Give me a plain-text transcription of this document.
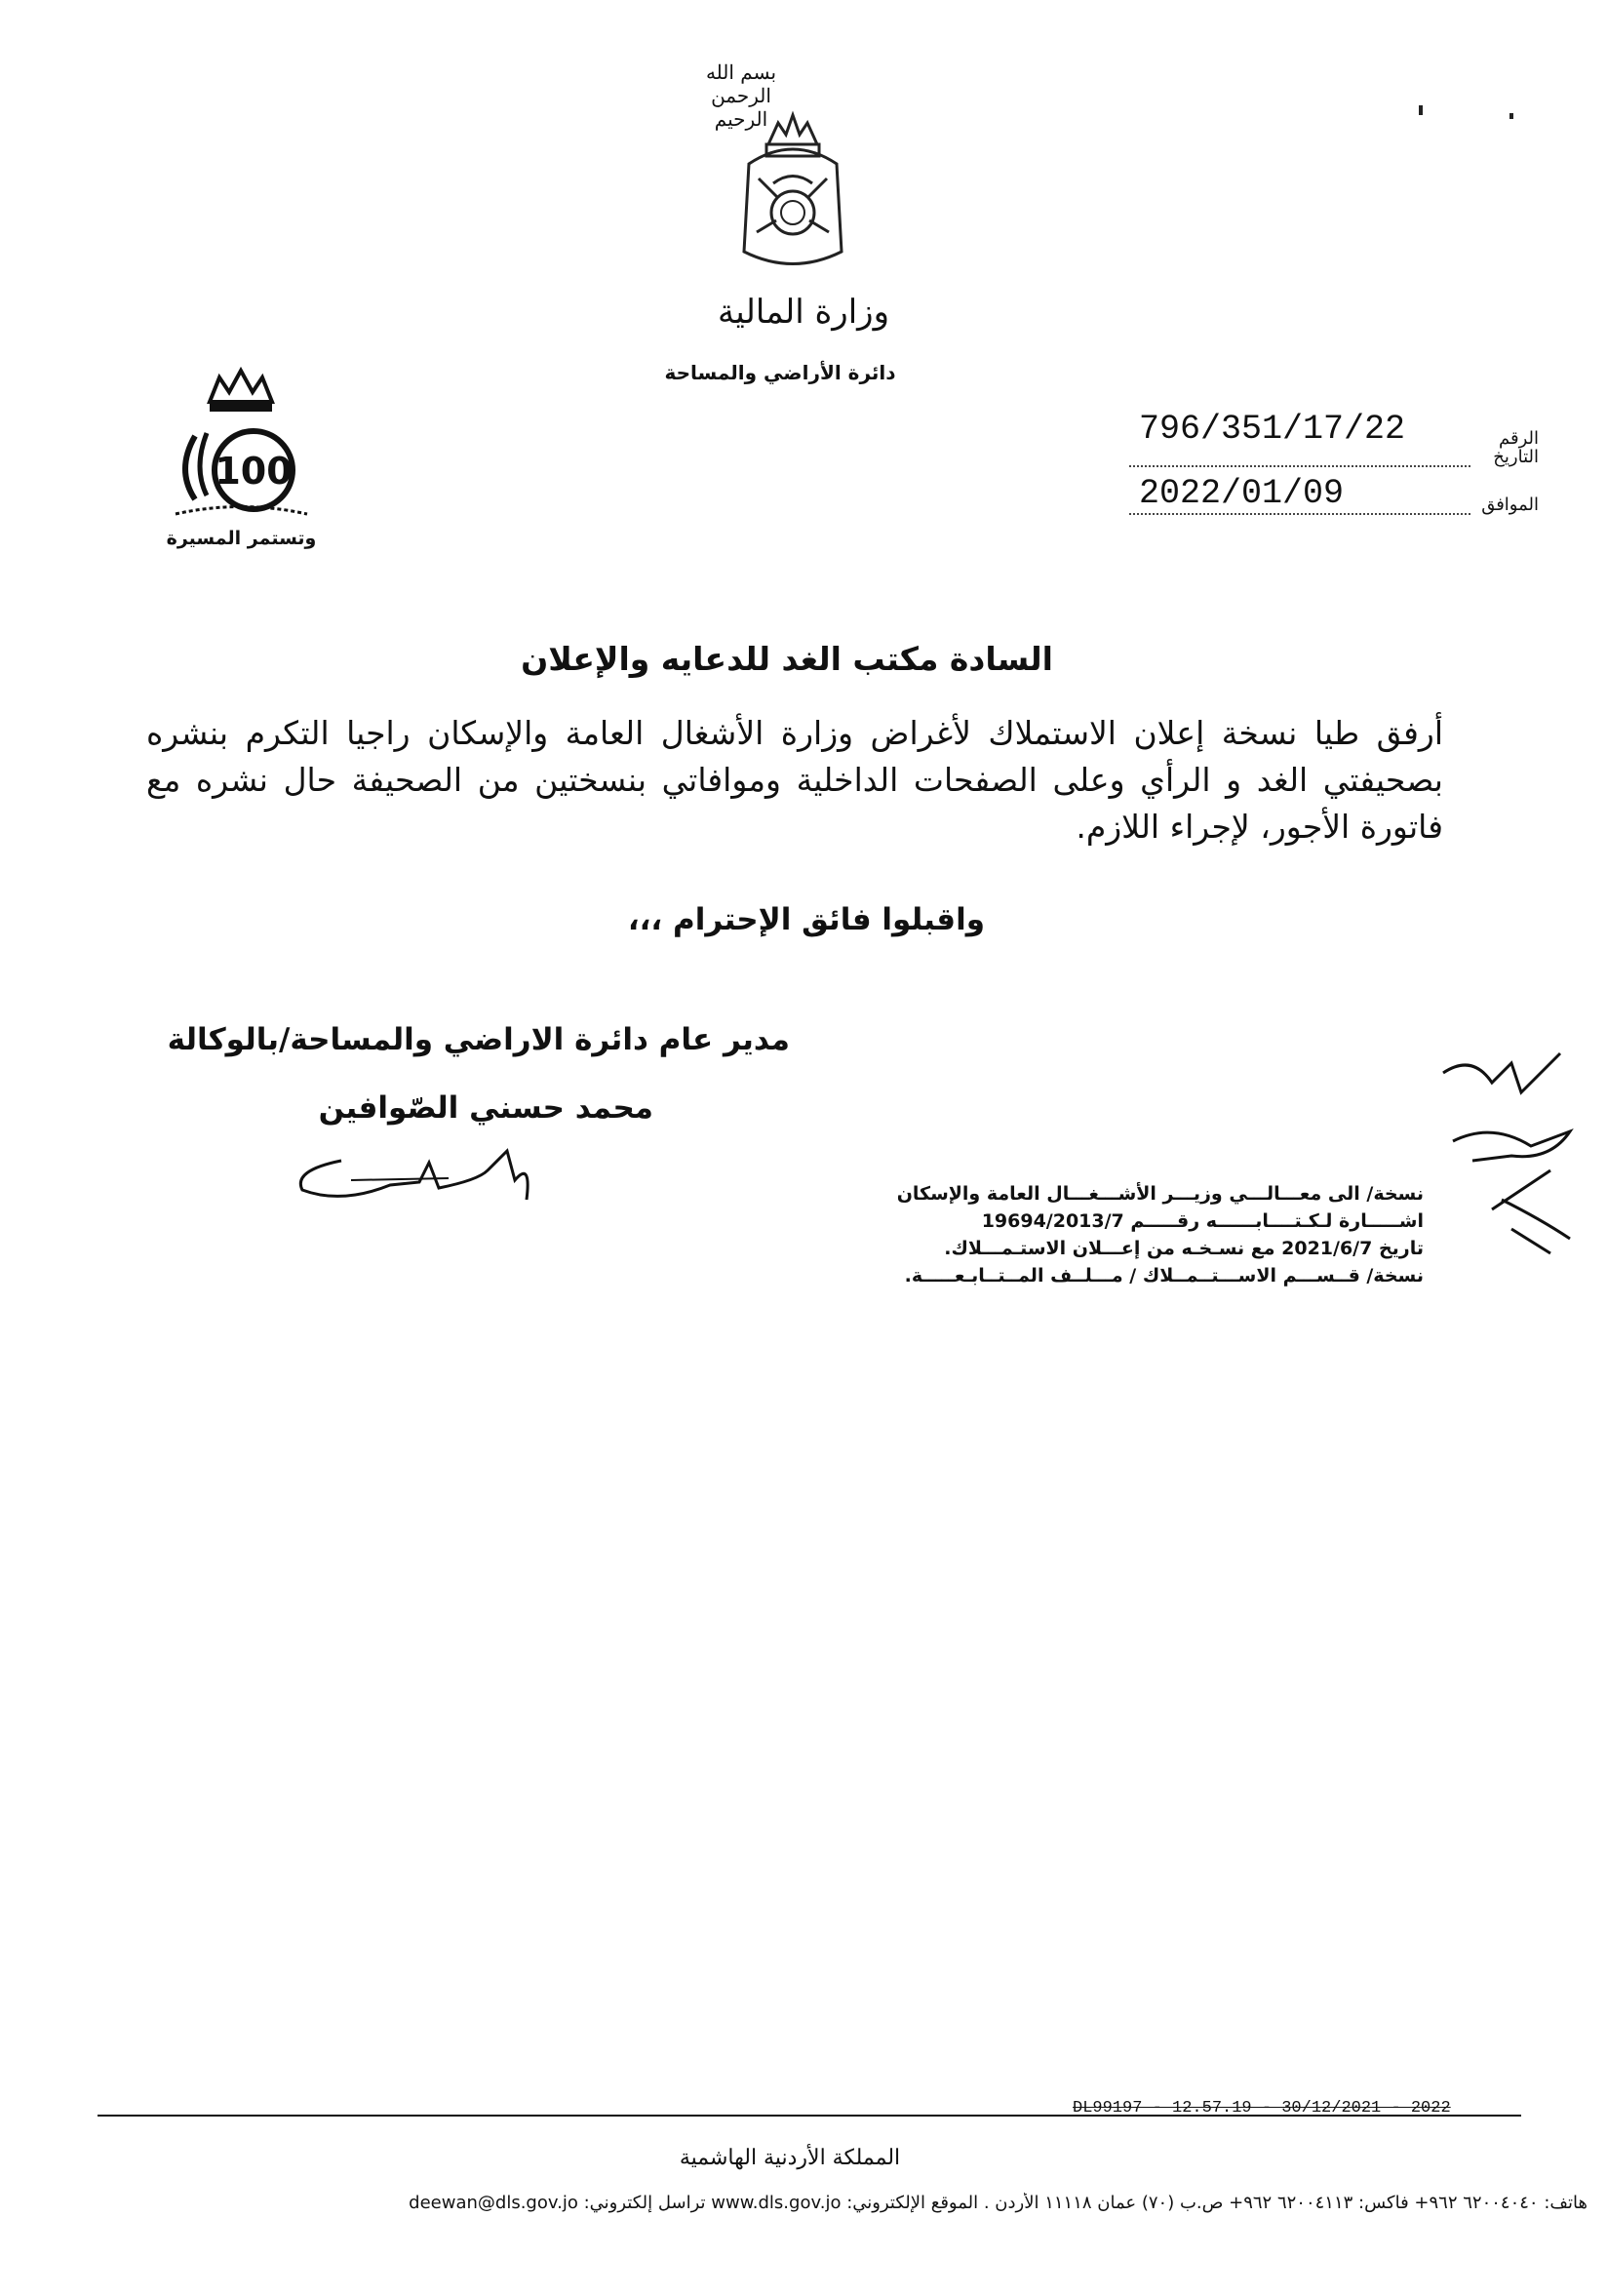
بسم الله الرحمن الرحيم
وزارة المالية
دائرة الأراضي والمساحة
100
وتستمر المسيرة
الرقم
796/351/17/22
التاريخ
الموافق
2022/01/09
السادة مكتب الغد للدعايه والإعلان
أرفق طيا نسخة إعلان الاستملاك لأغراض وزارة الأشغال العامة والإسكان راجيا التكرم بنشره بصحيفتي الغد و الرأي وعلى الصفحات الداخلية وموافاتي بنسختين من الصحيفة حال نشره مع فاتورة الأجور، لإجراء اللازم.
واقبلوا فائق الإحترام ،،،
مدير عام دائرة الاراضي والمساحة/بالوكالة
محمد حسني الصّوافين
نسخة/ الى معـــالـــي وزيـــر الأشـــغـــال العامة والإسكان
اشـــــارة لـكـتــــابــــــه رقـــــم 19694/2013/7
تاريخ 2021/6/7 مع نسـخـه من إعـــلان الاستـمـــلاك.
نسخة/ قــســـم الاســـتــمــلاك / مـــلــف المــتــابـعـــــة.
DL99197 - 12.57.19 - 30/12/2021 - 2022
المملكة الأردنية الهاشمية
هاتف: ٦٢٠٠٤٠٤٠ ٩٦٢+ فاكس: ٦٢٠٠٤١١٣ ٩٦٢+ ص.ب (٧٠) عمان ١١١١٨ الأردن . الموقع الإلكتروني: www.dls.gov.jo تراسل إلكتروني: deewan@dls.gov.jo
